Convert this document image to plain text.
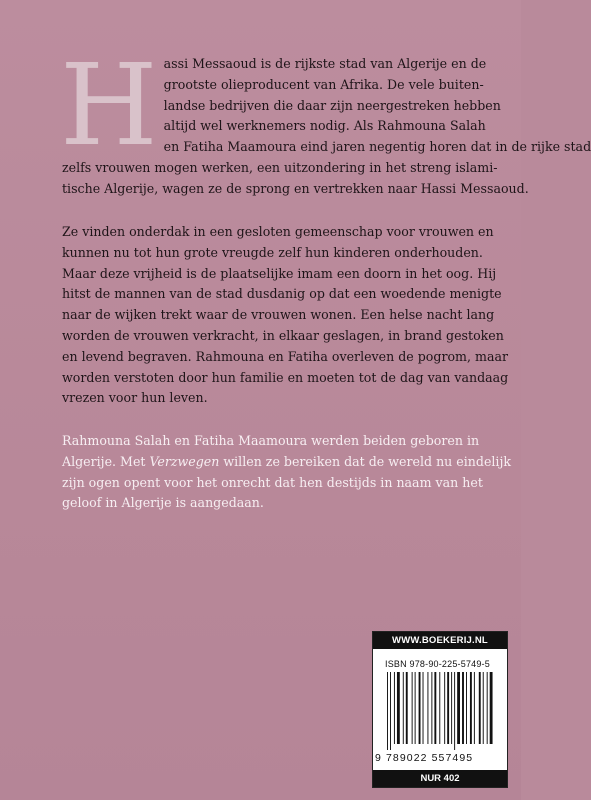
H assi Messaoud is de rijkste stad van Algerije en de
grootste olieproducent van Afrika. De vele buiten-
landse bedrijven die daar zijn neergestreken hebben
altijd wel werknemers nodig. Als Rahmouna Salah
en Fatiha Maamoura eind jaren negentig horen dat in de rijke stad
zelfs vrouwen mogen werken, een uitzondering in het streng islami-
tische Algerije, wagen ze de sprong en vertrekken naar Hassi Messaoud.
Ze vinden onderdak in een gesloten gemeenschap voor vrouwen en
kunnen nu tot hun grote vreugde zelf hun kinderen onderhouden.
Maar deze vrijheid is de plaatselijke imam een doorn in het oog. Hij
hitst de mannen van de stad dusdanig op dat een woedende menigte
naar de wijken trekt waar de vrouwen wonen. Een helse nacht lang
worden de vrouwen verkracht, in elkaar geslagen, in brand gestoken
en levend begraven. Rahmouna en Fatiha overleven de pogrom, maar
worden verstoten door hun familie en moeten tot de dag van vandaag
vrezen voor hun leven.
Rahmouna Salah en Fatiha Maamoura werden beiden geboren in
Algerije. Met Verzwegen willen ze bereiken dat de wereld nu eindelijk
zijn ogen opent voor het onrecht dat hen destijds in naam van het
geloof in Algerije is aangedaan.
WWW.BOEKERIJ.NL
ISBN 978-90-225-5749-5
9 789022 557495
NUR 402
